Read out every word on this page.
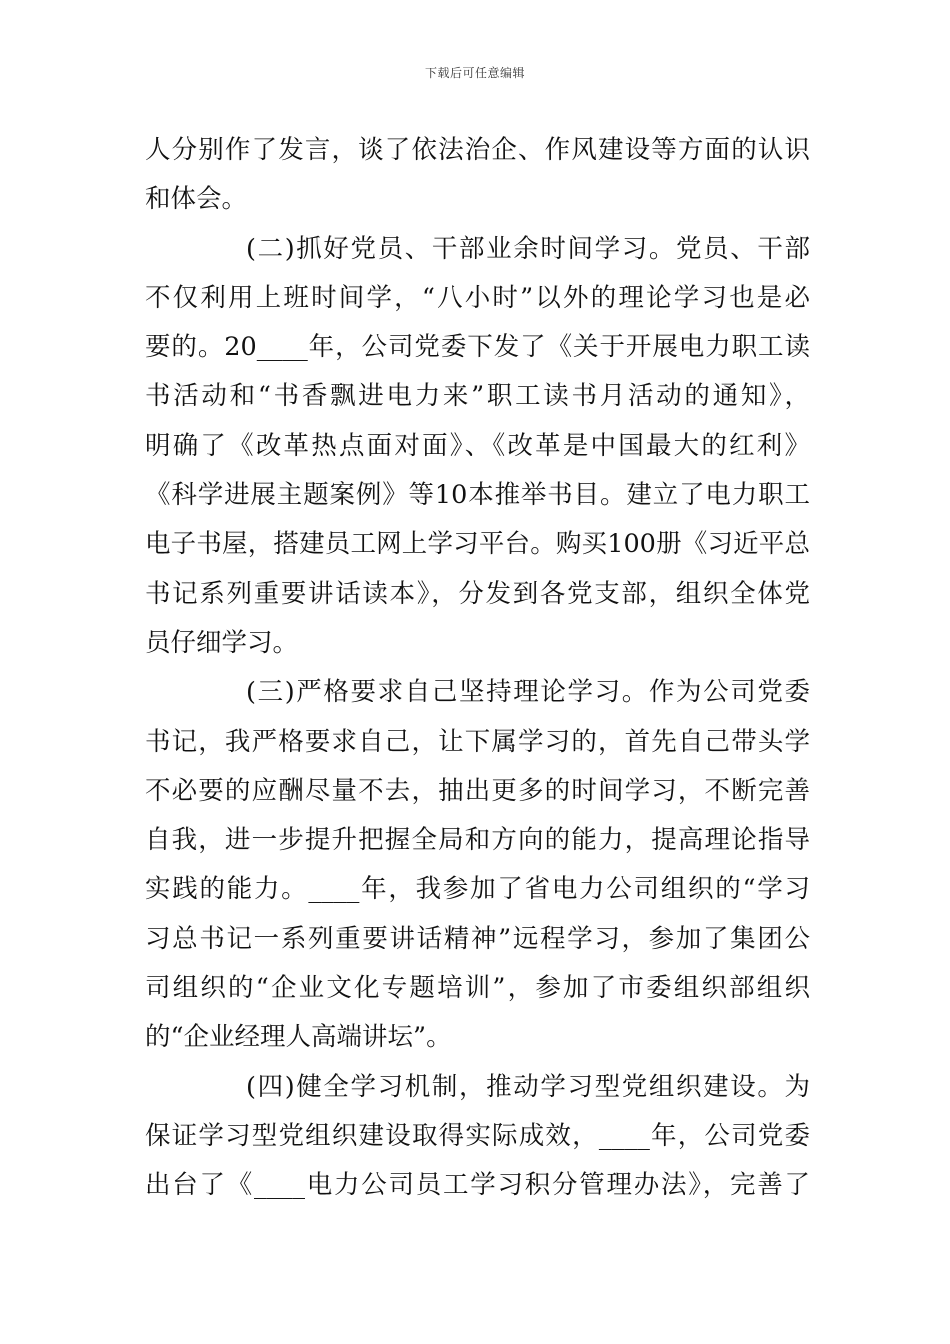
下载后可任意编辑
人分别作了发言，谈了依法治企、作风建设等方面的认识
和体会。
(二)抓好党员、干部业余时间学习。党员、干部
不仅利用上班时间学，“八小时”以外的理论学习也是必
要的。20____年，公司党委下发了《关于开展电力职工读
书活动和“书香飘进电力来”职工读书月活动的通知》，
明确了《改革热点面对面》、《改革是中国最大的红利》
《科学进展主题案例》等10本推举书目。建立了电力职工
电子书屋，搭建员工网上学习平台。购买100册《习近平总
书记系列重要讲话读本》，分发到各党支部，组织全体党
员仔细学习。
(三)严格要求自己坚持理论学习。作为公司党委
书记，我严格要求自己，让下属学习的，首先自己带头学
不必要的应酬尽量不去，抽出更多的时间学习，不断完善
自我，进一步提升把握全局和方向的能力，提高理论指导
实践的能力。____年，我参加了省电力公司组织的“学习
习总书记一系列重要讲话精神”远程学习，参加了集团公
司组织的“企业文化专题培训”，参加了市委组织部组织
的“企业经理人高端讲坛”。
(四)健全学习机制，推动学习型党组织建设。为
保证学习型党组织建设取得实际成效，____年，公司党委
出台了《____电力公司员工学习积分管理办法》，完善了
